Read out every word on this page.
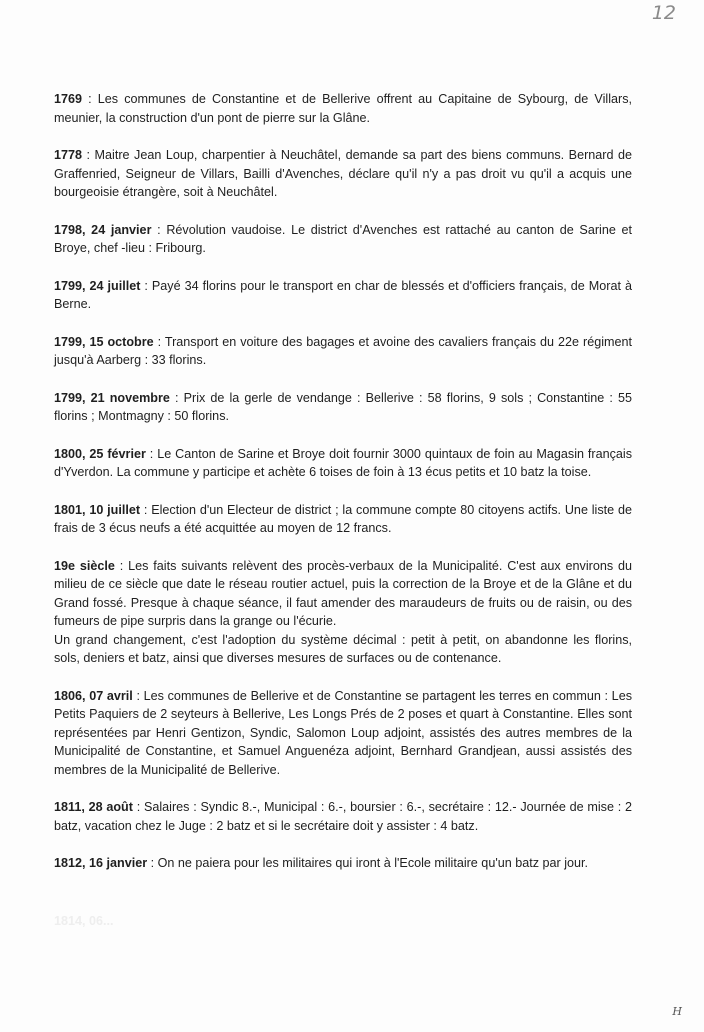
12

1769 : Les communes de Constantine et de Bellerive offrent au Capitaine de Sybourg, de Villars, meunier, la construction d'un pont de pierre sur la Glâne.

1778 : Maitre Jean Loup, charpentier à Neuchâtel, demande sa part des biens communs. Bernard de Graffenried, Seigneur de Villars, Bailli d'Avenches, déclare qu'il n'y a pas droit vu qu'il a acquis une bourgeoisie étrangère, soit à Neuchâtel.

1798, 24 janvier : Révolution vaudoise. Le district d'Avenches est rattaché au canton de Sarine et Broye, chef -lieu : Fribourg.

1799, 24 juillet : Payé 34 florins pour le transport en char de blessés et d'officiers français, de Morat à Berne.

1799, 15 octobre : Transport en voiture des bagages et avoine des cavaliers français du 22e régiment jusqu'à Aarberg : 33 florins.

1799, 21 novembre : Prix de la gerle de vendange : Bellerive : 58 florins, 9 sols ; Constantine : 55 florins ; Montmagny : 50 florins.

1800, 25 février : Le Canton de Sarine et Broye doit fournir 3000 quintaux de foin au Magasin français d'Yverdon. La commune y participe et achète 6 toises de foin à 13 écus petits et 10 batz la toise.

1801, 10 juillet : Election d'un Electeur de district ; la commune compte 80 citoyens actifs. Une liste de frais de 3 écus neufs a été acquittée au moyen de 12 francs.

19e siècle : Les faits suivants relèvent des procès-verbaux de la Municipalité. C'est aux environs du milieu de ce siècle que date le réseau routier actuel, puis la correction de la Broye et de la Glâne et du Grand fossé. Presque à chaque séance, il faut amender des maraudeurs de fruits ou de raisin, ou des fumeurs de pipe surpris dans la grange ou l'écurie.
Un grand changement, c'est l'adoption du système décimal : petit à petit, on abandonne les florins, sols, deniers et batz, ainsi que diverses mesures de surfaces ou de contenance.

1806, 07 avril : Les communes de Bellerive et de Constantine se partagent les terres en commun : Les Petits Paquiers de 2 seyteurs à Bellerive, Les Longs Prés de 2 poses et quart à Constantine. Elles sont représentées par Henri Gentizon, Syndic, Salomon Loup adjoint, assistés des autres membres de la Municipalité de Constantine, et Samuel Anguenéza adjoint, Bernhard Grandjean, aussi assistés des membres de la Municipalité de Bellerive.

1811, 28 août : Salaires : Syndic 8.-, Municipal : 6.-, boursier : 6.-, secrétaire : 12.- Journée de mise : 2 batz, vacation chez le Juge : 2 batz et si le secrétaire doit y assister : 4 batz.

1812, 16 janvier : On ne paiera pour les militaires qui iront à l'Ecole militaire qu'un batz par jour.

1814, 06...
H
